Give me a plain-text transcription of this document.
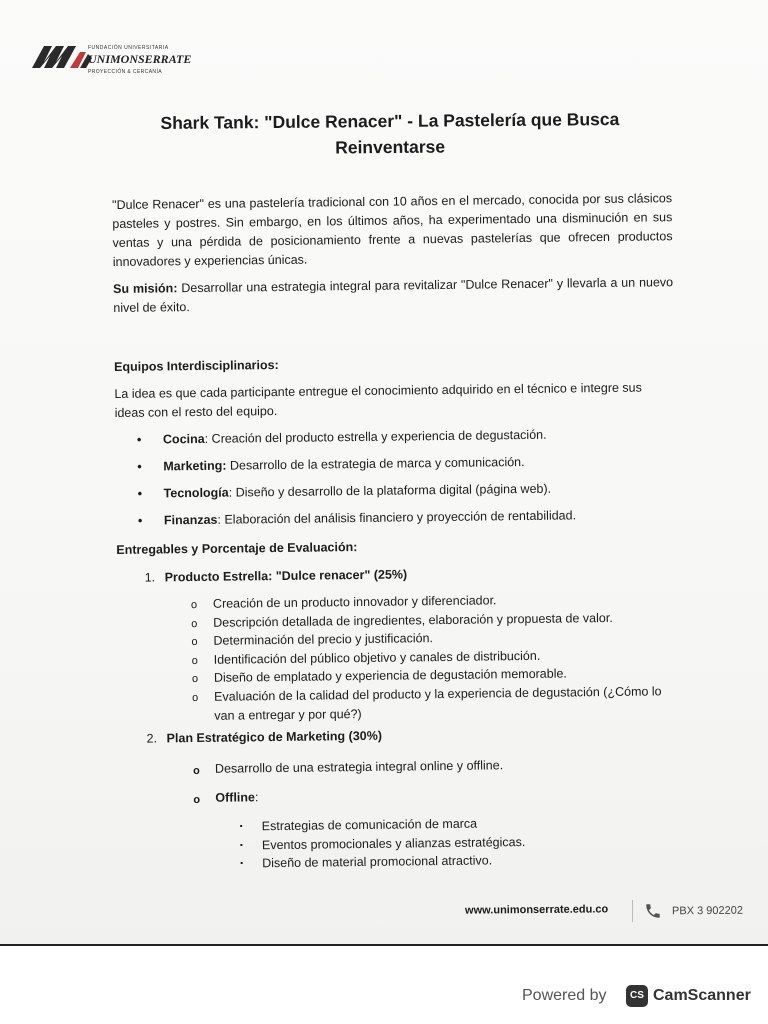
FUNDACIÓN UNIVERSITARIA
UNIMONSERRATE
PROYECCIÓN & CERCANÍA
Shark Tank: "Dulce Renacer" - La Pastelería que Busca
Reinventarse

"Dulce Renacer" es una pastelería tradicional con 10 años en el mercado, conocida por sus clásicos pasteles y postres. Sin embargo, en los últimos años, ha experimentado una disminución en sus ventas y una pérdida de posicionamiento frente a nuevas pastelerías que ofrecen productos innovadores y experiencias únicas.

Su misión: Desarrollar una estrategia integral para revitalizar "Dulce Renacer" y llevarla a un nuevo nivel de éxito.

Equipos Interdisciplinarios:
La idea es que cada participante entregue el conocimiento adquirido en el técnico e integre sus ideas con el resto del equipo.
• Cocina: Creación del producto estrella y experiencia de degustación.
• Marketing: Desarrollo de la estrategia de marca y comunicación.
• Tecnología: Diseño y desarrollo de la plataforma digital (página web).
• Finanzas: Elaboración del análisis financiero y proyección de rentabilidad.
Entregables y Porcentaje de Evaluación:
1. Producto Estrella: "Dulce renacer" (25%)
o Creación de un producto innovador y diferenciador.
o Descripción detallada de ingredientes, elaboración y propuesta de valor.
o Determinación del precio y justificación.
o Identificación del público objetivo y canales de distribución.
o Diseño de emplatado y experiencia de degustación memorable.
o Evaluación de la calidad del producto y la experiencia de degustación (¿Cómo lo van a entregar y por qué?)
2. Plan Estratégico de Marketing (30%)
o Desarrollo de una estrategia integral online y offline.
o Offline:
▪ Estrategias de comunicación de marca
▪ Eventos promocionales y alianzas estratégicas.
▪ Diseño de material promocional atractivo.
www.unimonserrate.edu.co	PBX 3 902202
Powered by	CS CamScanner
